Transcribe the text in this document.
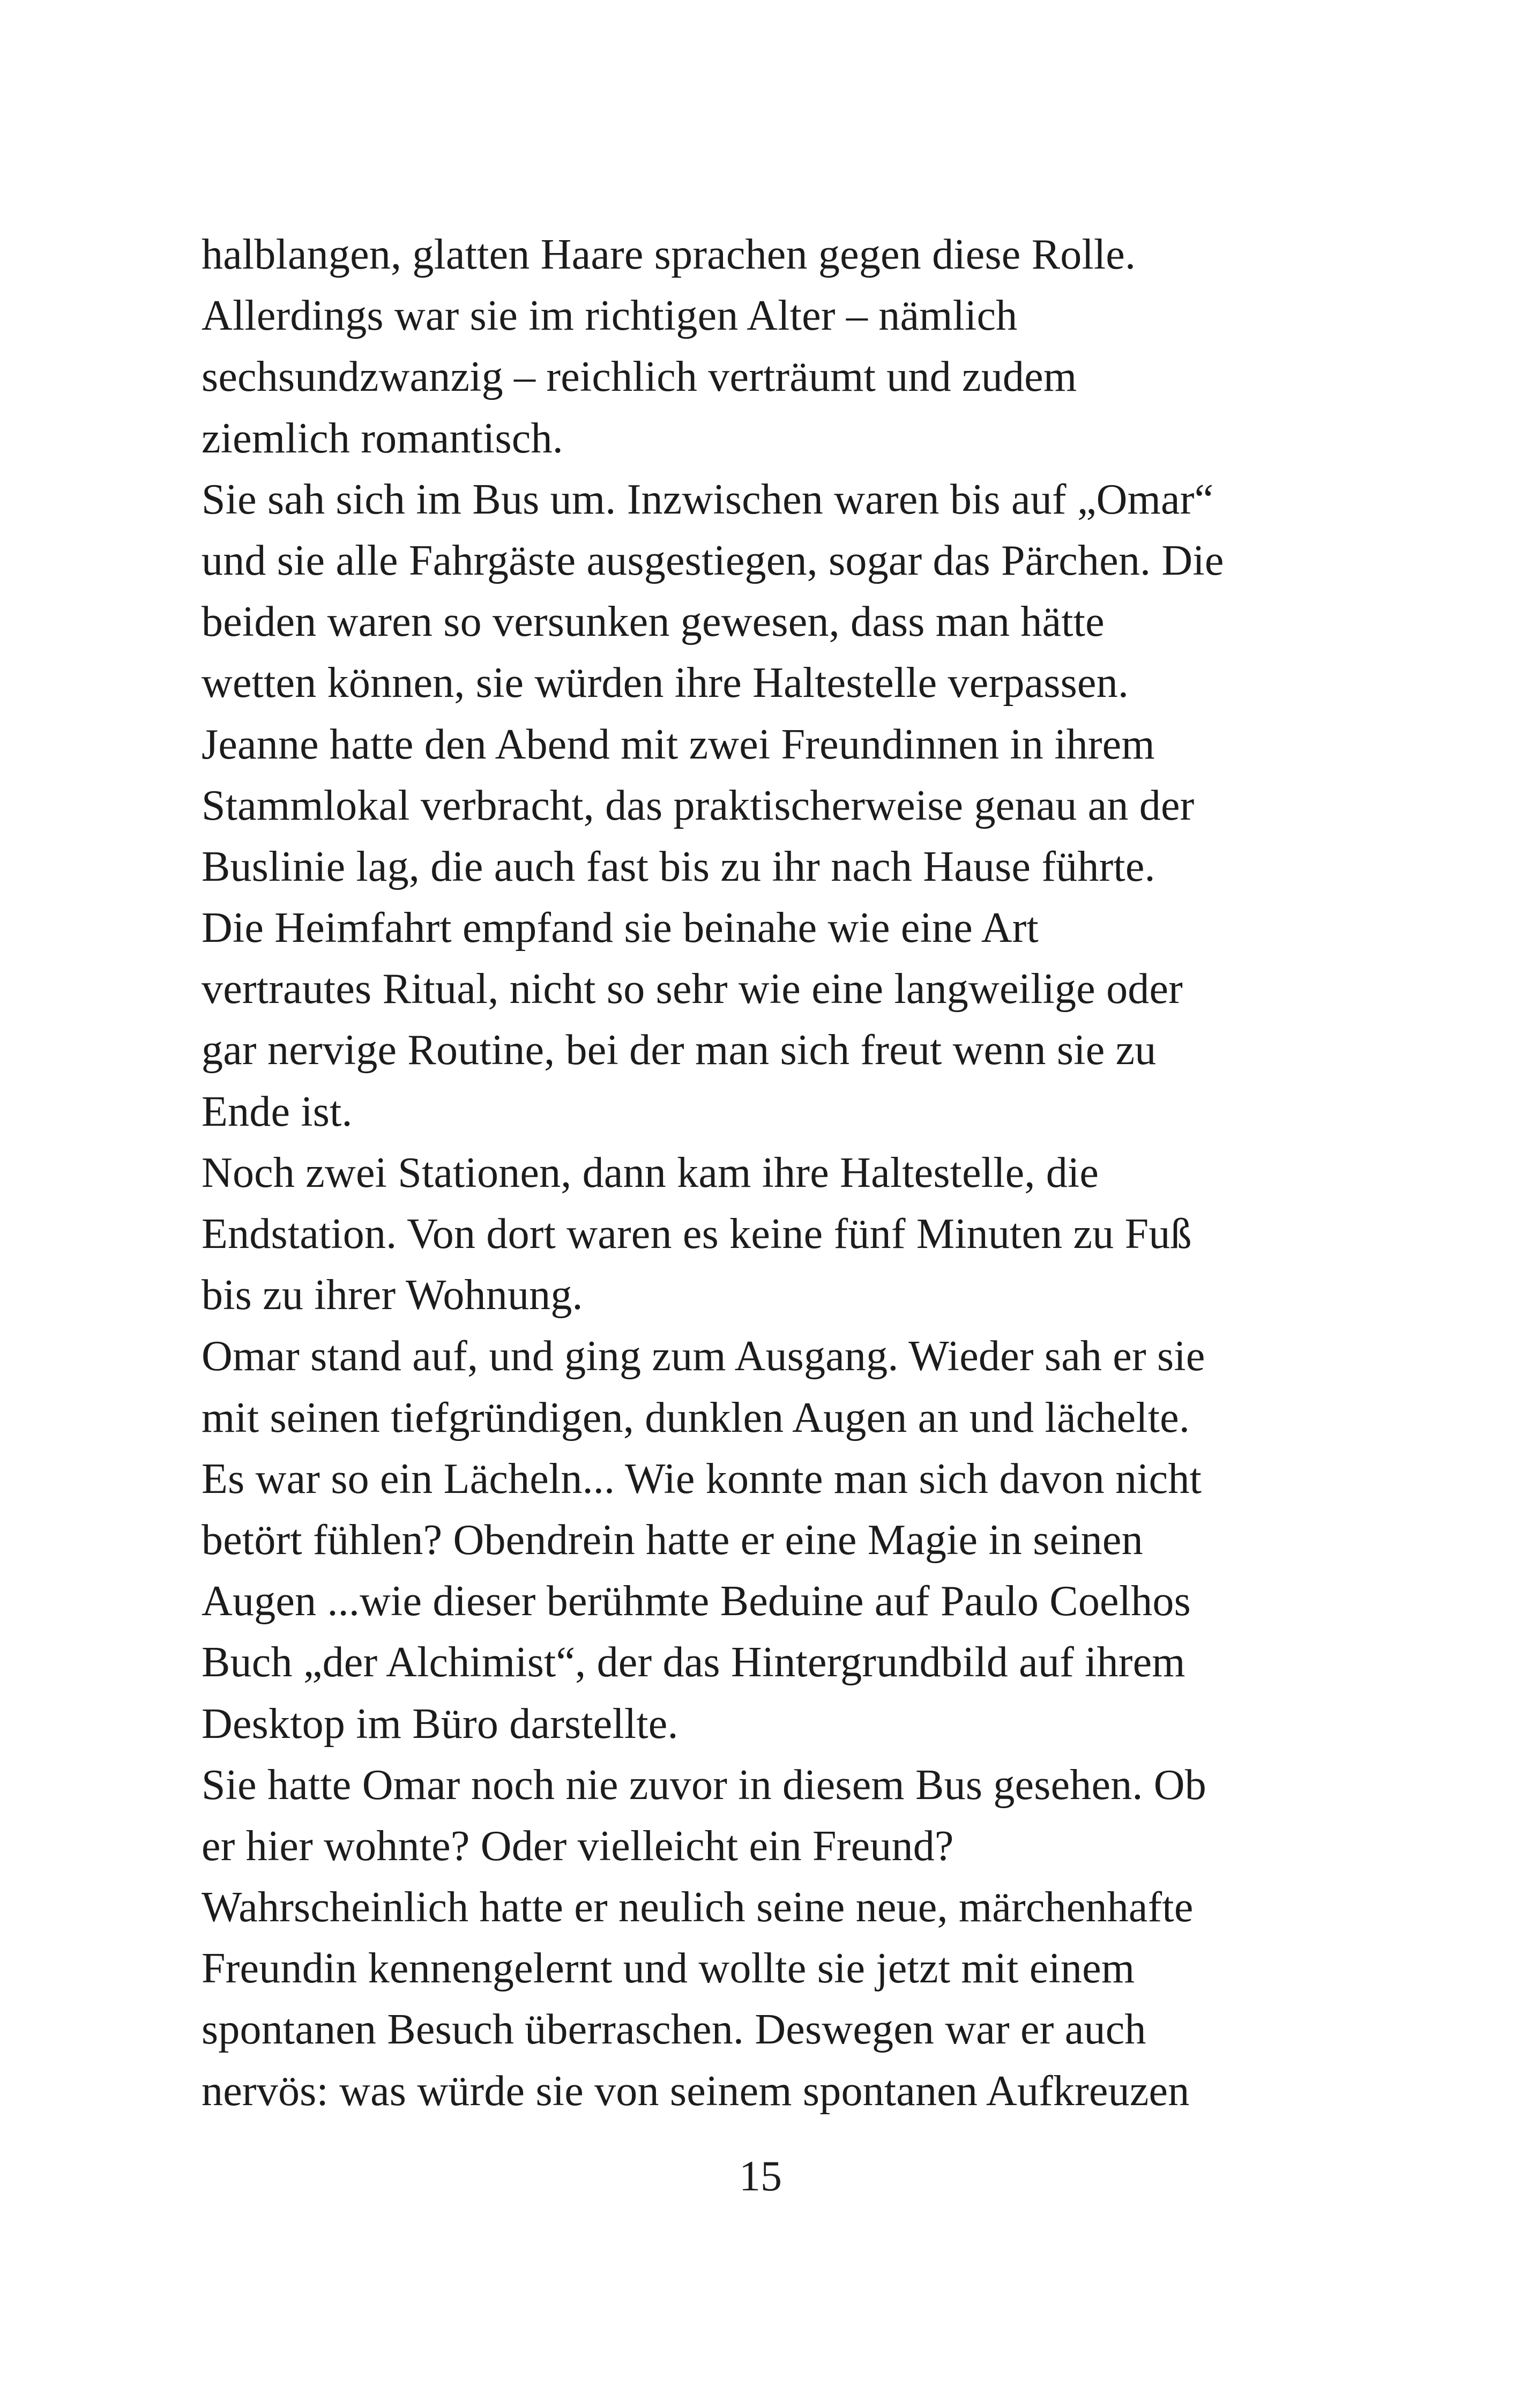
halblangen, glatten Haare sprachen gegen diese Rolle.
Allerdings war sie im richtigen Alter – nämlich
sechsundzwanzig – reichlich verträumt und zudem
ziemlich romantisch.
Sie sah sich im Bus um. Inzwischen waren bis auf „Omar“
und sie alle Fahrgäste ausgestiegen, sogar das Pärchen. Die
beiden waren so versunken gewesen, dass man hätte
wetten können, sie würden ihre Haltestelle verpassen.
Jeanne hatte den Abend mit zwei Freundinnen in ihrem
Stammlokal verbracht, das praktischerweise genau an der
Buslinie lag, die auch fast bis zu ihr nach Hause führte.
Die Heimfahrt empfand sie beinahe wie eine Art
vertrautes Ritual, nicht so sehr wie eine langweilige oder
gar nervige Routine, bei der man sich freut wenn sie zu
Ende ist.
Noch zwei Stationen, dann kam ihre Haltestelle, die
Endstation. Von dort waren es keine fünf Minuten zu Fuß
bis zu ihrer Wohnung.
Omar stand auf, und ging zum Ausgang. Wieder sah er sie
mit seinen tiefgründigen, dunklen Augen an und lächelte.
Es war so ein Lächeln... Wie konnte man sich davon nicht
betört fühlen? Obendrein hatte er eine Magie in seinen
Augen ...wie dieser berühmte Beduine auf Paulo Coelhos
Buch „der Alchimist“, der das Hintergrundbild auf ihrem
Desktop im Büro darstellte.
Sie hatte Omar noch nie zuvor in diesem Bus gesehen. Ob
er hier wohnte? Oder vielleicht ein Freund?
Wahrscheinlich hatte er neulich seine neue, märchenhafte
Freundin kennengelernt und wollte sie jetzt mit einem
spontanen Besuch überraschen. Deswegen war er auch
nervös: was würde sie von seinem spontanen Aufkreuzen
15
